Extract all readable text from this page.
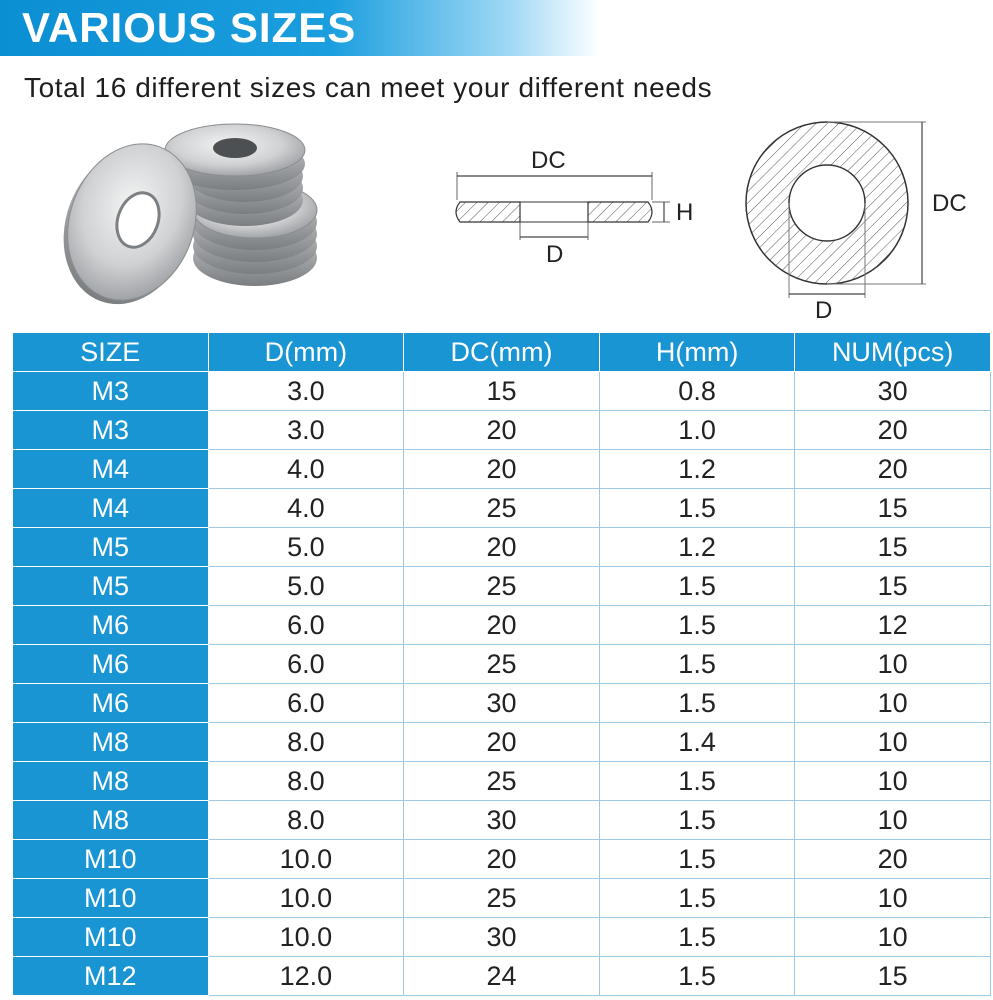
VARIOUS SIZES
Total 16 different sizes can meet your different needs
DC
D
H	DC
D
SIZE	D(mm)	DC(mm)	H(mm)	NUM(pcs)
M3	3.0	15	0.8	30
M3	3.0	20	1.0	20
M4	4.0	20	1.2	20
M4	4.0	25	1.5	15
M5	5.0	20	1.2	15
M5	5.0	25	1.5	15
M6	6.0	20	1.5	12
M6	6.0	25	1.5	10
M6	6.0	30	1.5	10
M8	8.0	20	1.4	10
M8	8.0	25	1.5	10
M8	8.0	30	1.5	10
M10	10.0	20	1.5	20
M10	10.0	25	1.5	10
M10	10.0	30	1.5	10
M12	12.0	24	1.5	15
